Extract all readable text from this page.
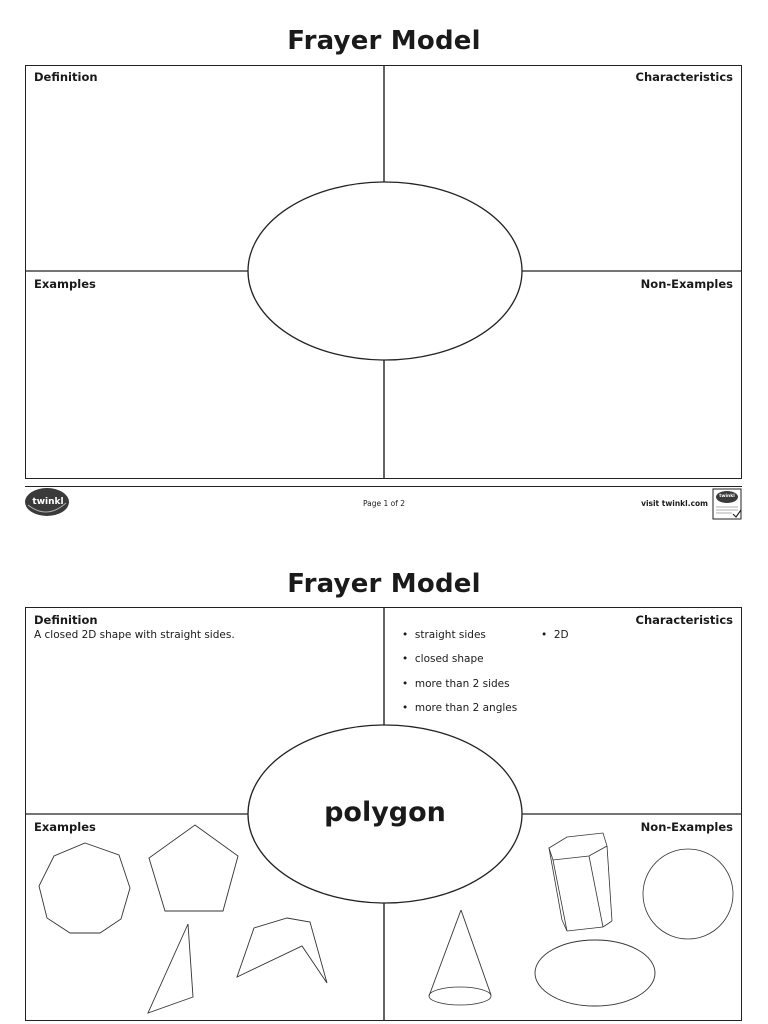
Frayer Model
Definition	Characteristics
Examples	Non-Examples
twinkl	Page 1 of 2	visit twinkl.com
twinkl
Frayer Model
Definition
A closed 2D shape with straight sides.
Characteristics
•  straight sides
•  closed shape
•  more than 2 sides
•  more than 2 angles
•  2D
polygon
Examples	Non-Examples
